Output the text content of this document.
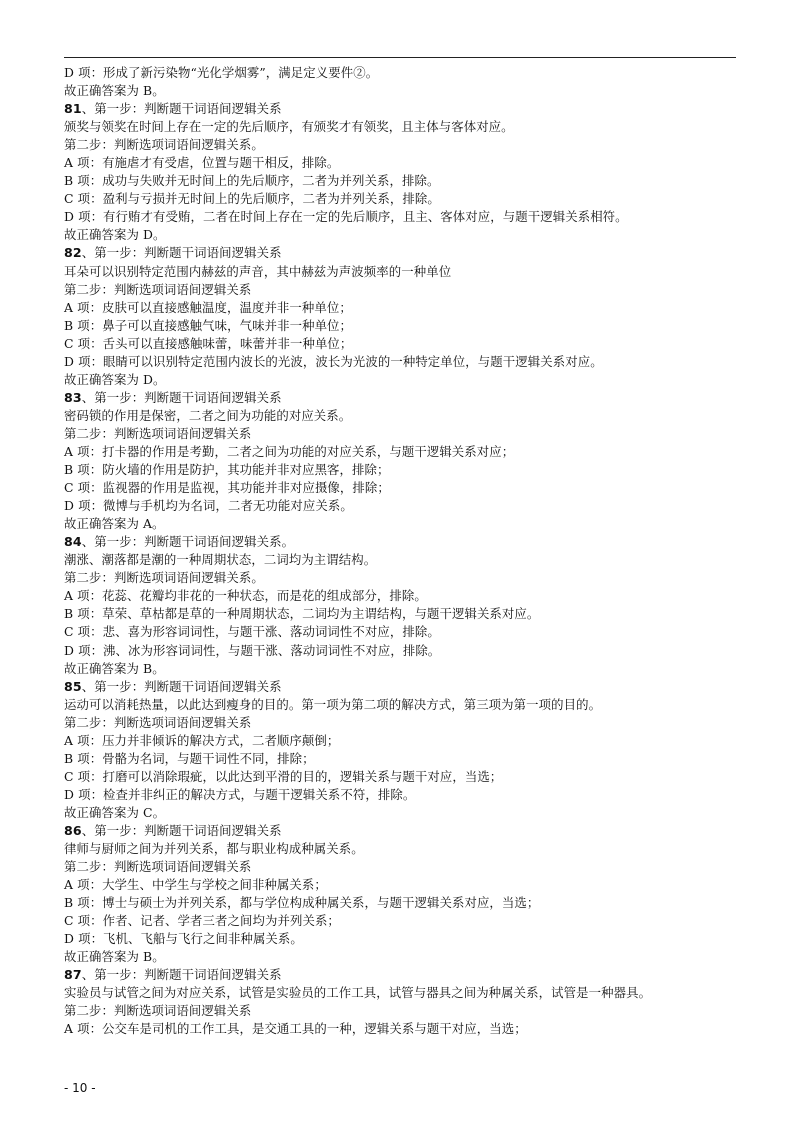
D 项：形成了新污染物“光化学烟雾”，满足定义要件②。
故正确答案为 B。
81、第一步：判断题干词语间逻辑关系
颁奖与领奖在时间上存在一定的先后顺序，有颁奖才有领奖，且主体与客体对应。
第二步：判断选项词语间逻辑关系。
A 项：有施虐才有受虐，位置与题干相反，排除。
B 项：成功与失败并无时间上的先后顺序，二者为并列关系，排除。
C 项：盈利与亏损并无时间上的先后顺序，二者为并列关系，排除。
D 项：有行贿才有受贿，二者在时间上存在一定的先后顺序，且主、客体对应，与题干逻辑关系相符。
故正确答案为 D。
82、第一步：判断题干词语间逻辑关系
耳朵可以识别特定范围内赫兹的声音，其中赫兹为声波频率的一种单位
第二步：判断选项词语间逻辑关系
A 项：皮肤可以直接感触温度，温度并非一种单位；
B 项：鼻子可以直接感触气味，气味并非一种单位；
C 项：舌头可以直接感触味蕾，味蕾并非一种单位；
D 项：眼睛可以识别特定范围内波长的光波，波长为光波的一种特定单位，与题干逻辑关系对应。
故正确答案为 D。
83、第一步：判断题干词语间逻辑关系
密码锁的作用是保密，二者之间为功能的对应关系。
第二步：判断选项词语间逻辑关系
A 项：打卡器的作用是考勤，二者之间为功能的对应关系，与题干逻辑关系对应；
B 项：防火墙的作用是防护，其功能并非对应黑客，排除；
C 项：监视器的作用是监视，其功能并非对应摄像，排除；
D 项：微博与手机均为名词，二者无功能对应关系。
故正确答案为 A。
84、第一步：判断题干词语间逻辑关系。
潮涨、潮落都是潮的一种周期状态，二词均为主谓结构。
第二步：判断选项词语间逻辑关系。
A 项：花蕊、花瓣均非花的一种状态，而是花的组成部分，排除。
B 项：草荣、草枯都是草的一种周期状态，二词均为主谓结构，与题干逻辑关系对应。
C 项：悲、喜为形容词词性，与题干涨、落动词词性不对应，排除。
D 项：沸、冰为形容词词性，与题干涨、落动词词性不对应，排除。
故正确答案为 B。
85、第一步：判断题干词语间逻辑关系
运动可以消耗热量，以此达到瘦身的目的。第一项为第二项的解决方式，第三项为第一项的目的。
第二步：判断选项词语间逻辑关系
A 项：压力并非倾诉的解决方式，二者顺序颠倒；
B 项：骨骼为名词，与题干词性不同，排除；
C 项：打磨可以消除瑕疵，以此达到平滑的目的，逻辑关系与题干对应，当选；
D 项：检查并非纠正的解决方式，与题干逻辑关系不符，排除。
故正确答案为 C。
86、第一步：判断题干词语间逻辑关系
律师与厨师之间为并列关系，都与职业构成种属关系。
第二步：判断选项词语间逻辑关系
A 项：大学生、中学生与学校之间非种属关系；
B 项：博士与硕士为并列关系，都与学位构成种属关系，与题干逻辑关系对应，当选；
C 项：作者、记者、学者三者之间均为并列关系；
D 项：飞机、飞船与飞行之间非种属关系。
故正确答案为 B。
87、第一步：判断题干词语间逻辑关系
实验员与试管之间为对应关系，试管是实验员的工作工具，试管与器具之间为种属关系，试管是一种器具。
第二步：判断选项词语间逻辑关系
A 项：公交车是司机的工作工具，是交通工具的一种，逻辑关系与题干对应，当选；
- 10 -
